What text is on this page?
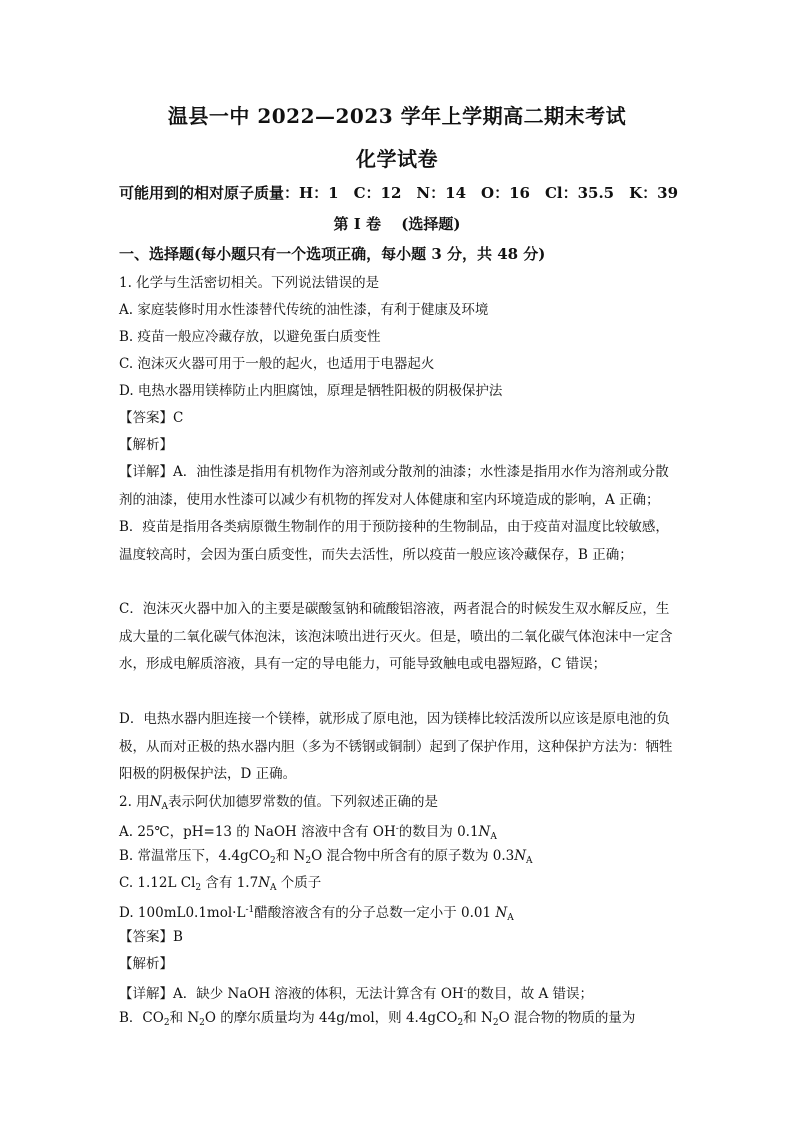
温县一中 2022—2023 学年上学期高二期末考试
化学试卷
可能用到的相对原子质量：H：1　C：12　N：14　O：16　Cl：35.5　K：39
第 I 卷　 (选择题)
一、选择题(每小题只有一个选项正确，每小题 3 分，共 48 分)
1. 化学与生活密切相关。下列说法错误的是
A. 家庭装修时用水性漆替代传统的油性漆，有利于健康及环境
B. 疫苗一般应冷藏存放，以避免蛋白质变性
C. 泡沫灭火器可用于一般的起火，也适用于电器起火
D. 电热水器用镁棒防止内胆腐蚀，原理是牺牲阳极的阴极保护法
【答案】C
【解析】
【详解】A．油性漆是指用有机物作为溶剂或分散剂的油漆；水性漆是指用水作为溶剂或分散剂的油漆，使用水性漆可以减少有机物的挥发对人体健康和室内环境造成的影响，A 正确；
B．疫苗是指用各类病原微生物制作的用于预防接种的生物制品，由于疫苗对温度比较敏感，温度较高时，会因为蛋白质变性，而失去活性，所以疫苗一般应该冷藏保存，B 正确；
C．泡沫灭火器中加入的主要是碳酸氢钠和硫酸铝溶液，两者混合的时候发生双水解反应，生成大量的二氧化碳气体泡沫，该泡沫喷出进行灭火。但是，喷出的二氧化碳气体泡沫中一定含水，形成电解质溶液，具有一定的导电能力，可能导致触电或电器短路，C 错误；
D．电热水器内胆连接一个镁棒，就形成了原电池，因为镁棒比较活泼所以应该是原电池的负极，从而对正极的热水器内胆（多为不锈钢或铜制）起到了保护作用，这种保护方法为：牺牲阳极的阴极保护法，D 正确。
2. 用$N_A$表示阿伏加德罗常数的值。下列叙述正确的是
A. 25℃，pH=13 的 NaOH 溶液中含有 OH-的数目为 $0.1N_A$
B. 常温常压下，4.4gCO$_2$和 $N_2O$ 混合物中所含有的原子数为 $0.3N_A$
C. 1.12L $Cl_2$ 含有 $1.7N_A$ 个质子
D. $100mL0.1mol\cdot L^{-1}$醋酸溶液含有的分子总数一定小于 0.01 $N_A$
【答案】B
【解析】
【详解】A．缺少 NaOH 溶液的体积，无法计算含有 OH-的数目，故 A 错误；
B．$CO_2$和 $N_2O$ 的摩尔质量均为 44g/mol，则 4.4gCO$_2$和 $N_2O$ 混合物的物质的量为
